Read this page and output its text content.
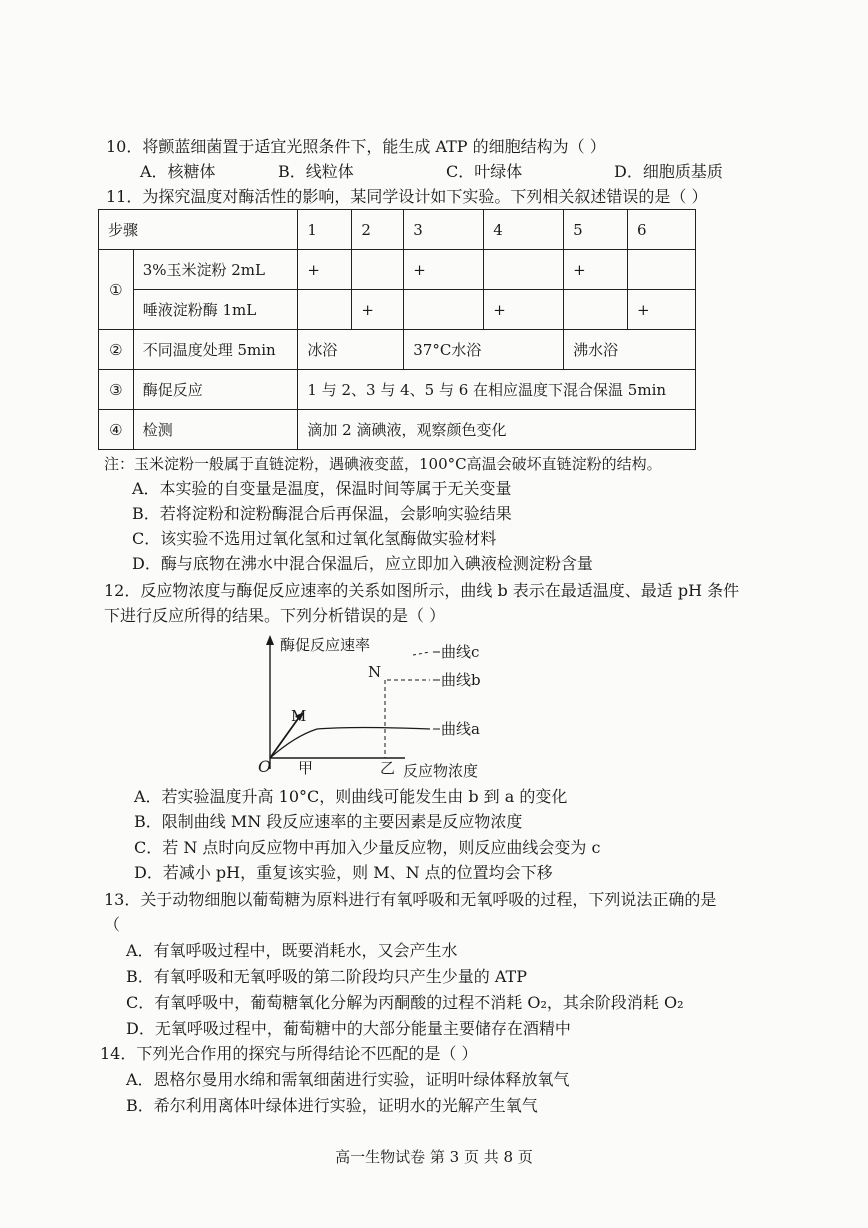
10．将颤蓝细菌置于适宜光照条件下，能生成 ATP 的细胞结构为（ ）
A．核糖体	B．线粒体	C．叶绿体	D．细胞质基质
11．为探究温度对酶活性的影响，某同学设计如下实验。下列相关叙述错误的是（ ）
步骤		1	2	3	4	5	6
①	3%玉米淀粉 2mL	+		+		+	
	唾液淀粉酶 1mL		+		+		+
②	不同温度处理 5min	冰浴		37°C水浴		沸水浴	
③	酶促反应	1 与 2、3 与 4、5 与 6 在相应温度下混合保温 5min					
④	检测	滴加 2 滴碘液，观察颜色变化					
注：玉米淀粉一般属于直链淀粉，遇碘液变蓝，100°C高温会破坏直链淀粉的结构。
A．本实验的自变量是温度，保温时间等属于无关变量
B．若将淀粉和淀粉酶混合后再保温，会影响实验结果
C．该实验不选用过氧化氢和过氧化氢酶做实验材料
D．酶与底物在沸水中混合保温后，应立即加入碘液检测淀粉含量
12．反应物浓度与酶促反应速率的关系如图所示，曲线 b 表示在最适温度、最适 pH 条件
下进行反应所得的结果。下列分析错误的是（ ）
酶促反应速率	曲线c
曲线b
曲线a
N
M
O 甲	乙 反应物浓度
A．若实验温度升高 10°C，则曲线可能发生由 b 到 a 的变化
B．限制曲线 MN 段反应速率的主要因素是反应物浓度
C．若 N 点时向反应物中再加入少量反应物，则反应曲线会变为 c
D．若减小 pH，重复该实验，则 M、N 点的位置均会下移
13．关于动物细胞以葡萄糖为原料进行有氧呼吸和无氧呼吸的过程，下列说法正确的是
（
A．有氧呼吸过程中，既要消耗水，又会产生水
B．有氧呼吸和无氧呼吸的第二阶段均只产生少量的 ATP
C．有氧呼吸中，葡萄糖氧化分解为丙酮酸的过程不消耗 O₂，其余阶段消耗 O₂
D．无氧呼吸过程中，葡萄糖中的大部分能量主要储存在酒精中
14．下列光合作用的探究与所得结论不匹配的是（ ）
A．恩格尔曼用水绵和需氧细菌进行实验，证明叶绿体释放氧气
B．希尔利用离体叶绿体进行实验，证明水的光解产生氧气
高一生物试卷 第 3 页 共 8 页
